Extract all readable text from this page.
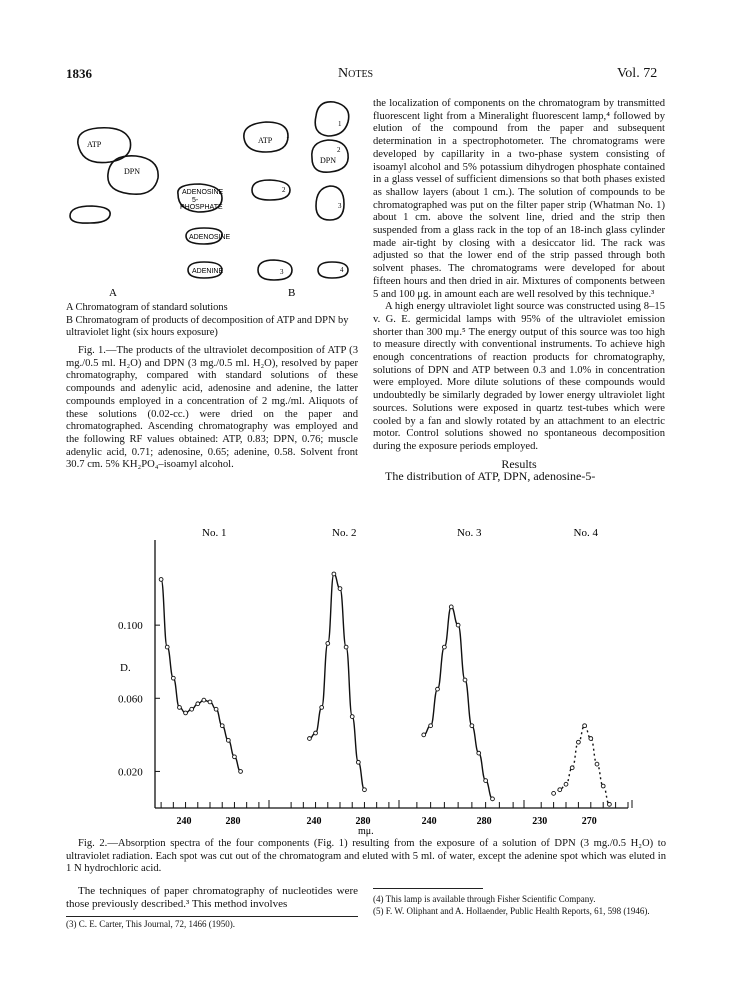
1836	Notes	Vol. 72
ATP
DPN
ADENOSINE
5-
PHOSPHATE
ADENOSINE
ADENINE
A
ATP 1
1
DPN
2
2
3
3	4
B
A Chromatogram of standard solutions
B Chromatogram of products of decomposition of ATP and DPN by ultraviolet light (six hours exposure)

Fig. 1.—The products of the ultraviolet decomposition of ATP (3 mg./0.5 ml. H₂O) and DPN (3 mg./0.5 ml. H₂O), resolved by paper chromatography, compared with standard solutions of these compounds and adenylic acid, adenosine and adenine, the latter compounds employed in a concentration of 2 mg./ml. Aliquots of these solutions (0.02-cc.) were dried on the paper and chromatographed. Ascending chromatography was employed and the following RF values obtained: ATP, 0.83; DPN, 0.76; muscle adenylic acid, 0.71; adenosine, 0.65; adenine, 0.58. Solvent front 30.7 cm. 5% KH₂PO₄–isoamyl alcohol.

the localization of components on the chromatogram by transmitted fluorescent light from a Mineralight fluorescent lamp,⁴ followed by elution of the compound from the paper and subsequent determination in a spectrophotometer. The chromatograms were developed by capillarity in a two-phase system consisting of isoamyl alcohol and 5% potassium dihydrogen phosphate contained in a glass vessel of sufficient dimensions so that both phases existed as shallow layers (about 1 cm.). The solution of compounds to be chromatographed was put on the filter paper strip (Whatman No. 1) about 1 cm. above the solvent line, dried and the strip then suspended from a glass rack in the top of an 18-inch glass cylinder made air-tight by closing with a desiccator lid. The rack was adjusted so that the lower end of the strip passed through both solvent phases. The chromatograms were developed for about fifteen hours and then dried in air. Mixtures of components between 5 and 100 μg. in amount each are well resolved by this technique.³

A high energy ultraviolet light source was constructed using 8–15 v. G. E. germicidal lamps with 95% of the ultraviolet emission shorter than 300 mμ.⁵ The energy output of this source was too high to measure directly with conventional instruments. To achieve high enough concentrations of reaction products for chromatography, solutions of DPN and ATP between 0.3 and 1.0% in concentration were employed. More dilute solutions of these compounds would undoubtedly be similarly degraded by lower energy ultraviolet light sources. Solutions were exposed in quartz test-tubes which were cooled by a fan and slowly rotated by an attachment to an electric motor. Control solutions showed no spontaneous decomposition during the exposure periods employed.

Results

The distribution of ATP, DPN, adenosine-5-

0.100
0.060
0.020
D.
mμ.
No. 1
240	280
No. 2
240	280
No. 3
240	280
No. 4
230	270

Fig. 2.—Absorption spectra of the four components (Fig. 1) resulting from the exposure of a solution of DPN (3 mg./0.5 H₂O) to ultraviolet radiation. Each spot was cut out of the chromatogram and eluted with 5 ml. of water, except the adenine spot which was eluted in 1 N hydrochloric acid.

The techniques of paper chromatography of nucleotides were those previously described.³ This method involves

(3) C. E. Carter, This Journal, 72, 1466 (1950).
(4) This lamp is available through Fisher Scientific Company.
(5) F. W. Oliphant and A. Hollaender, Public Health Reports, 61, 598 (1946).
